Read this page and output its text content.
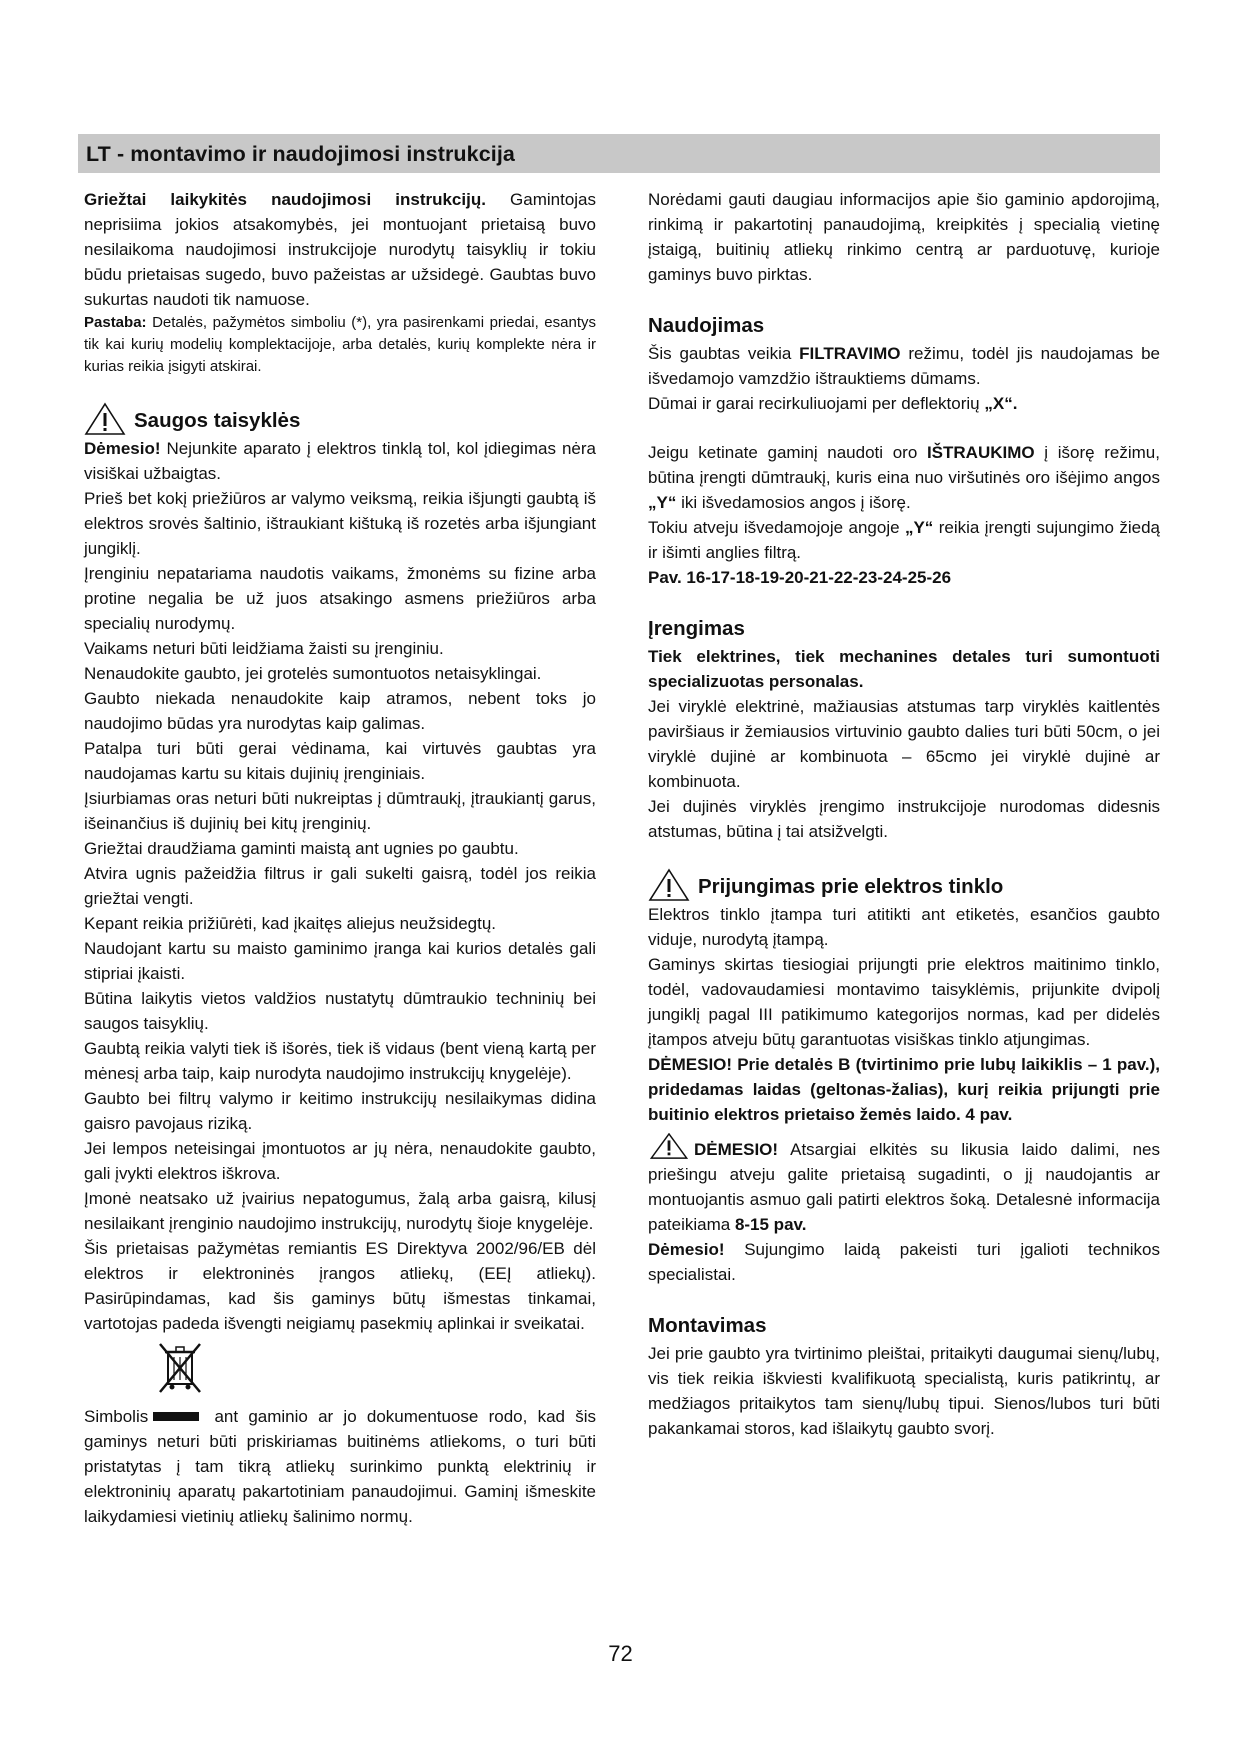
LT - montavimo ir naudojimosi instrukcija

Griežtai laikykitės naudojimosi instrukcijų. Gamintojas neprisiima jokios atsakomybės, jei montuojant prietaisą buvo nesilaikoma naudojimosi instrukcijoje nurodytų taisyklių ir tokiu būdu prietaisas sugedo, buvo pažeistas ar užsidegė. Gaubtas buvo sukurtas naudoti tik namuose.

Pastaba: Detalės, pažymėtos simboliu (*), yra pasirenkami priedai, esantys tik kai kurių modelių komplektacijoje, arba detalės, kurių komplekte nėra ir kurias reikia įsigyti atskirai.

Saugos taisyklės

Dėmesio! Nejunkite aparato į elektros tinklą tol, kol įdiegimas nėra visiškai užbaigtas.

Prieš bet kokį priežiūros ar valymo veiksmą, reikia išjungti gaubtą iš elektros srovės šaltinio, ištraukiant kištuką iš rozetės arba išjungiant jungiklį.

Įrenginiu nepatariama naudotis vaikams, žmonėms su fizine arba protine negalia be už juos atsakingo asmens priežiūros arba specialių nurodymų.

Vaikams neturi būti leidžiama žaisti su įrenginiu.

Nenaudokite gaubto, jei grotelės sumontuotos netaisyklingai.

Gaubto niekada nenaudokite kaip atramos, nebent toks jo naudojimo būdas yra nurodytas kaip galimas.

Patalpa turi būti gerai vėdinama, kai virtuvės gaubtas yra naudojamas kartu su kitais dujinių įrenginiais.

Įsiurbiamas oras neturi būti nukreiptas į dūmtraukį, įtraukiantį garus, išeinančius iš dujinių bei kitų įrenginių.

Griežtai draudžiama gaminti maistą ant ugnies po gaubtu.

Atvira ugnis pažeidžia filtrus ir gali sukelti gaisrą, todėl jos reikia griežtai vengti.

Kepant reikia prižiūrėti, kad įkaitęs aliejus neužsidegtų.

Naudojant kartu su maisto gaminimo įranga kai kurios detalės gali stipriai įkaisti.

Būtina laikytis vietos valdžios nustatytų dūmtraukio techninių bei saugos taisyklių.

Gaubtą reikia valyti tiek iš išorės, tiek iš vidaus (bent vieną kartą per mėnesį arba taip, kaip nurodyta naudojimo instrukcijų knygelėje).

Gaubto bei filtrų valymo ir keitimo instrukcijų nesilaikymas didina gaisro pavojaus riziką.

Jei lempos neteisingai įmontuotos ar jų nėra, nenaudokite gaubto, gali įvykti elektros iškrova.

Įmonė neatsako už įvairius nepatogumus, žalą arba gaisrą, kilusį nesilaikant įrenginio naudojimo instrukcijų, nurodytų šioje knygelėje.

Šis prietaisas pažymėtas remiantis ES Direktyva 2002/96/EB dėl elektros ir elektroninės įrangos atliekų, (EEĮ atliekų). Pasirūpindamas, kad šis gaminys būtų išmestas tinkamai, vartotojas padeda išvengti neigiamų pasekmių aplinkai ir sveikatai.

Simbolis	ant gaminio ar jo dokumentuose rodo, kad šis gaminys neturi būti priskiriamas buitinėms atliekoms, o turi būti pristatytas į tam tikrą atliekų surinkimo punktą elektrinių ir elektroninių aparatų pakartotiniam panaudojimui. Gaminį išmeskite laikydamiesi vietinių atliekų šalinimo normų.

Norėdami gauti daugiau informacijos apie šio gaminio apdorojimą, rinkimą ir pakartotinį panaudojimą, kreipkitės į specialią vietinę įstaigą, buitinių atliekų rinkimo centrą ar parduotuvę, kurioje gaminys buvo pirktas.

Naudojimas

Šis gaubtas veikia FILTRAVIMO režimu, todėl jis naudojamas be išvedamojo vamzdžio ištrauktiems dūmams.

Dūmai ir garai recirkuliuojami per deflektorių „X“.

Jeigu ketinate gaminį naudoti oro IŠTRAUKIMO į išorę režimu, būtina įrengti dūmtraukį, kuris eina nuo viršutinės oro išėjimo angos „Y“ iki išvedamosios angos į išorę.

Tokiu atveju išvedamojoje angoje „Y“ reikia įrengti sujungimo žiedą ir išimti anglies filtrą.

Pav. 16-17-18-19-20-21-22-23-24-25-26

Įrengimas

Tiek elektrines, tiek mechanines detales turi sumontuoti specializuotas personalas.

Jei viryklė elektrinė, mažiausias atstumas tarp viryklės kaitlentės paviršiaus ir žemiausios virtuvinio gaubto dalies turi būti 50cm, o jei viryklė dujinė ar kombinuota – 65cmo jei viryklė dujinė ar kombinuota.

Jei dujinės viryklės įrengimo instrukcijoje nurodomas didesnis atstumas, būtina į tai atsižvelgti.

Prijungimas prie elektros tinklo

Elektros tinklo įtampa turi atitikti ant etiketės, esančios gaubto viduje, nurodytą įtampą.

Gaminys skirtas tiesiogiai prijungti prie elektros maitinimo tinklo, todėl, vadovaudamiesi montavimo taisyklėmis, prijunkite dvipolį jungiklį pagal III patikimumo kategorijos normas, kad per didelės įtampos atveju būtų garantuotas visiškas tinklo atjungimas.

DĖMESIO! Prie detalės B (tvirtinimo prie lubų laikiklis – 1 pav.), pridedamas laidas (geltonas-žalias), kurį reikia prijungti prie buitinio elektros prietaiso žemės laido. 4 pav.

DĖMESIO! Atsargiai elkitės su likusia laido dalimi, nes priešingu atveju galite prietaisą sugadinti, o jį naudojantis ar montuojantis asmuo gali patirti elektros šoką. Detalesnė informacija pateikiama 8-15 pav.

Dėmesio! Sujungimo laidą pakeisti turi įgalioti technikos specialistai.

Montavimas

Jei prie gaubto yra tvirtinimo pleištai, pritaikyti daugumai sienų/lubų, vis tiek reikia iškviesti kvalifikuotą specialistą, kuris patikrintų, ar medžiagos pritaikytos tam sienų/lubų tipui. Sienos/lubos turi būti pakankamai storos, kad išlaikytų gaubto svorį.

72
